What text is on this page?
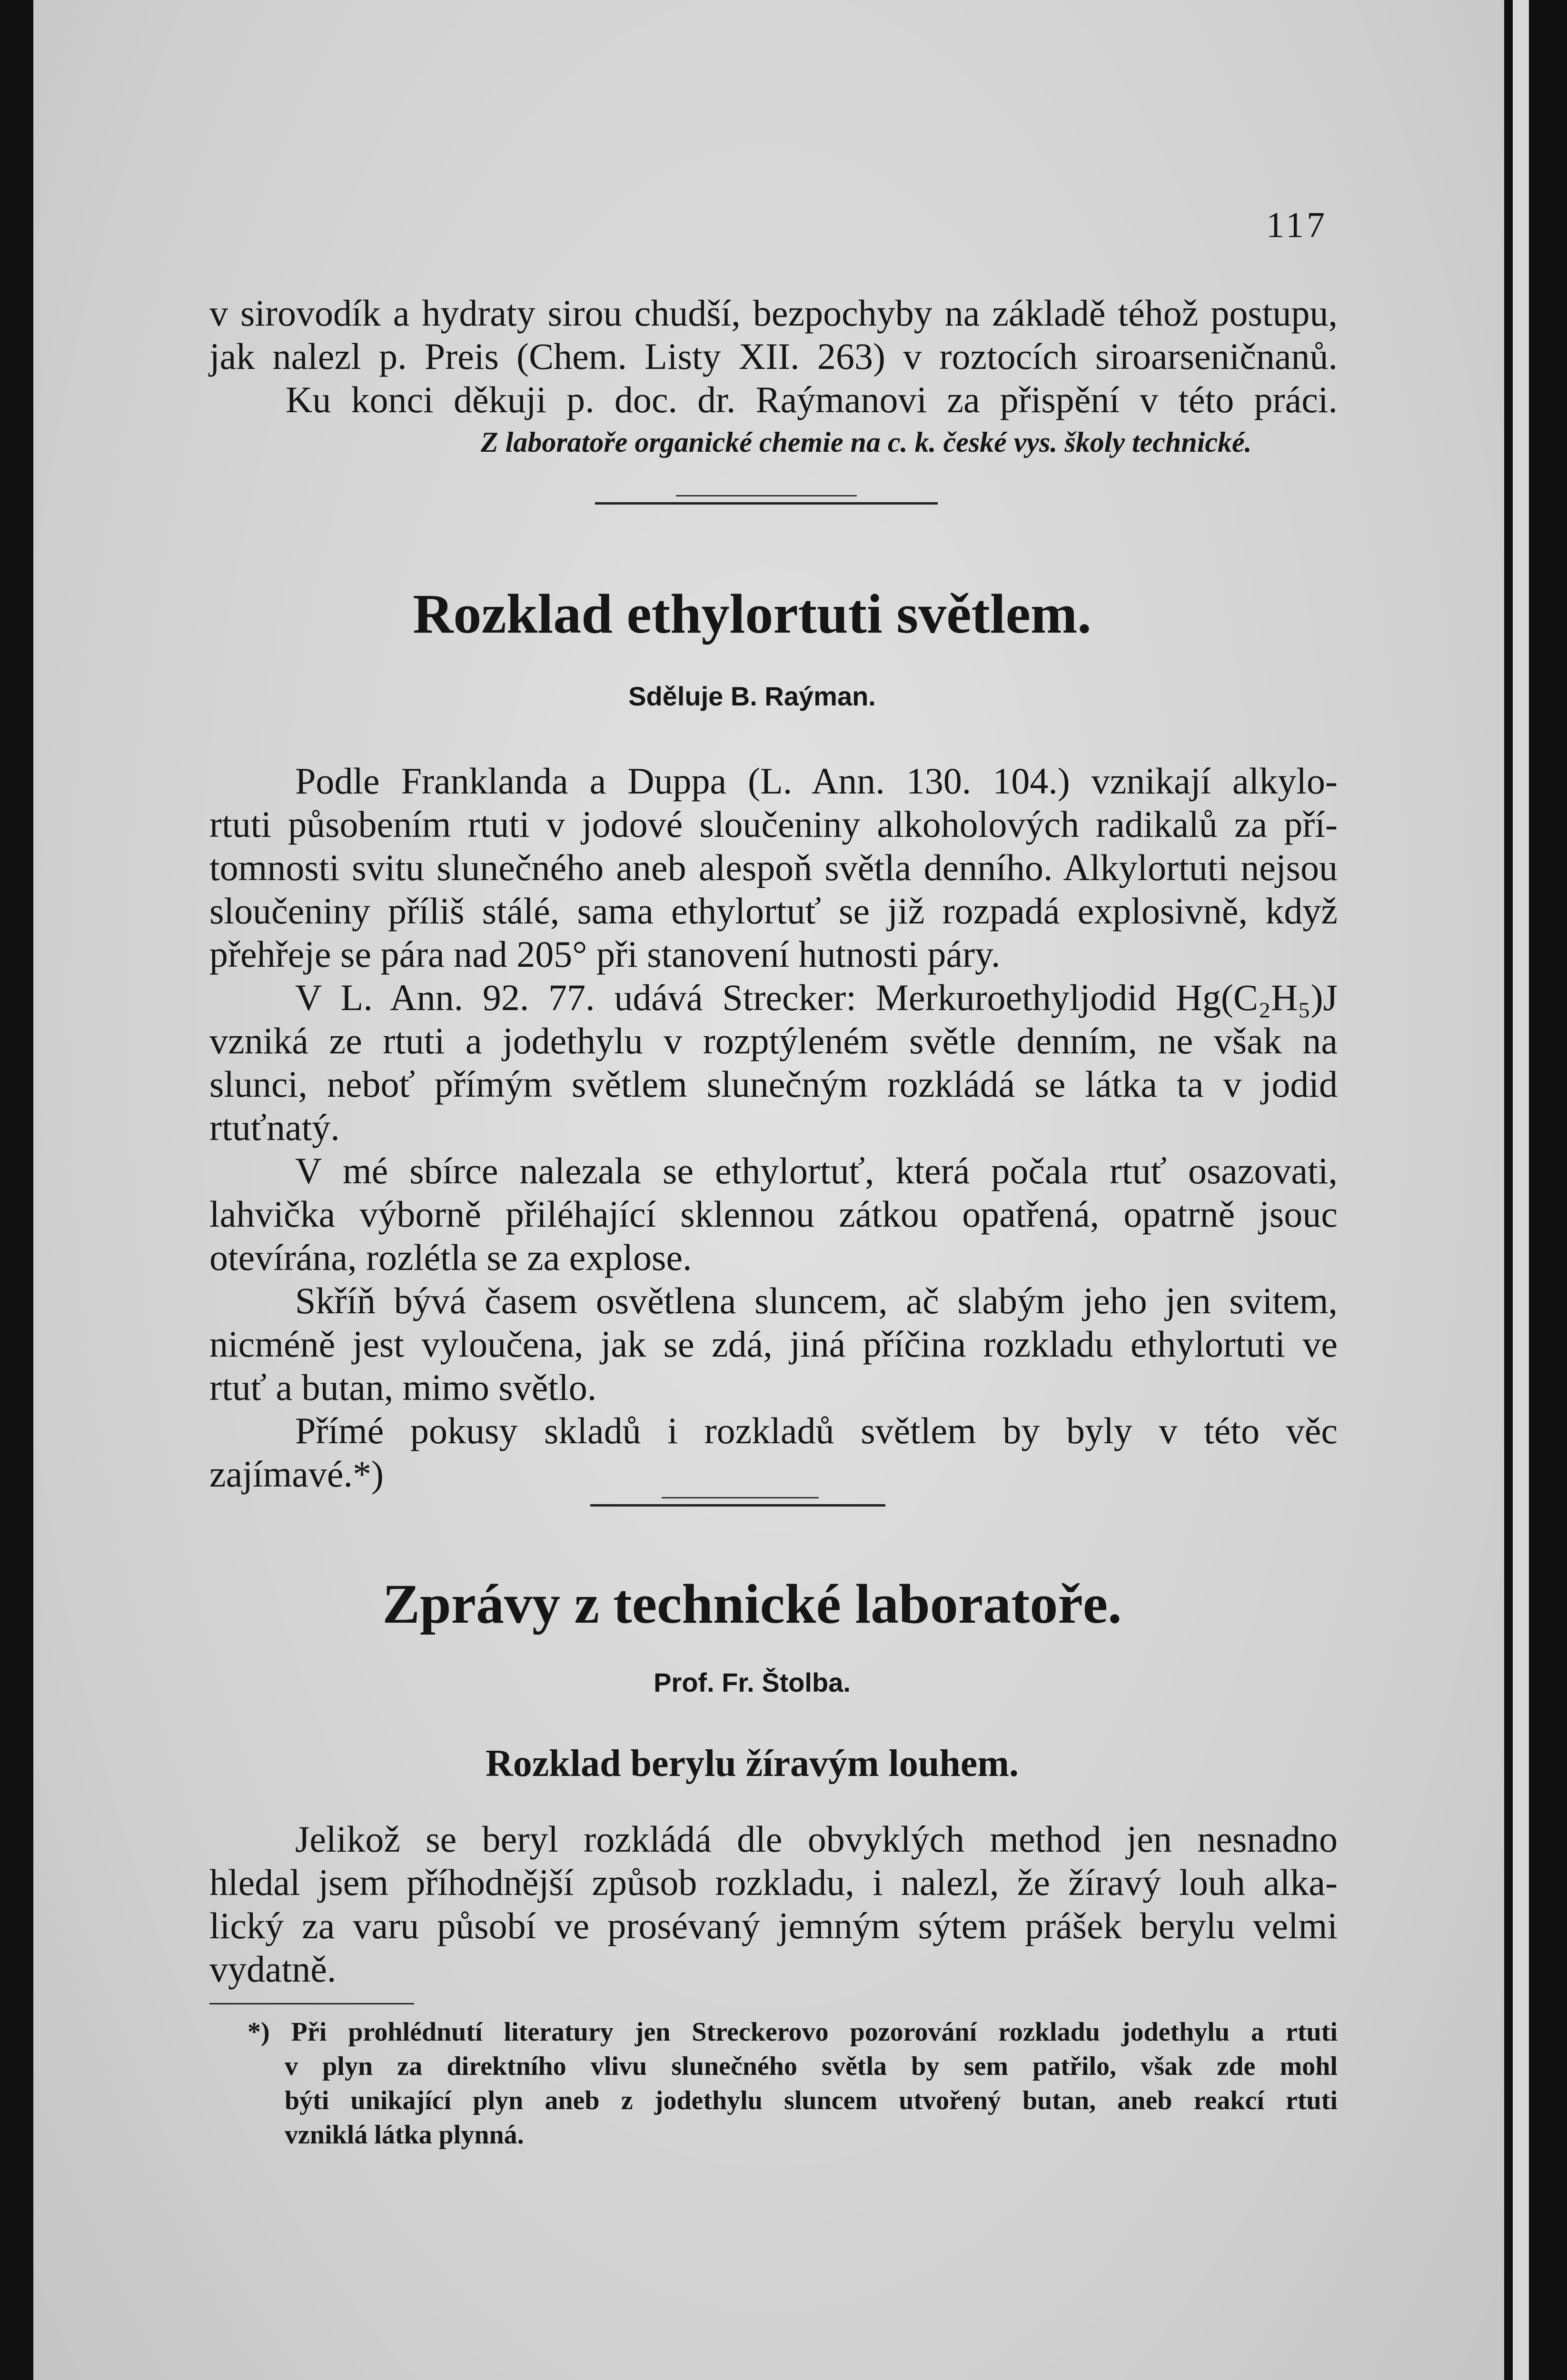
117
v sirovodík a hydraty sirou chudší, bezpochyby na základě téhož postupu,
jak nalezl p. Preis (Chem. Listy XII. 263) v roztocích siroarseničnanů.
Ku konci děkuji p. doc. dr. Raýmanovi za přispění v této práci.
Z laboratoře organické chemie na c. k. české vys. školy technické.
Rozklad ethylortuti světlem.
Sděluje B. Raýman.
Podle Franklanda a Duppa (L. Ann. 130. 104.) vznikají alkylo-
rtuti působením rtuti v jodové sloučeniny alkoholových radikalů za pří-
tomnosti svitu slunečného aneb alespoň světla denního. Alkylortuti nejsou
sloučeniny příliš stálé, sama ethylortuť se již rozpadá explosivně, když
přehřeje se pára nad 205° při stanovení hutnosti páry.
V L. Ann. 92. 77. udává Strecker: Merkuroethyljodid Hg(C₂H₅)J
vzniká ze rtuti a jodethylu v rozptýleném světle denním, ne však na
slunci, neboť přímým světlem slunečným rozkládá se látka ta v jodid
rtuťnatý.
V mé sbírce nalezala se ethylortuť, která počala rtuť osazovati,
lahvička výborně přiléhající sklennou zátkou opatřená, opatrně jsouc
otevírána, rozlétla se za explose.
Skříň bývá časem osvětlena sluncem, ač slabým jeho jen svitem,
nicméně jest vyloučena, jak se zdá, jiná příčina rozkladu ethylortuti ve
rtuť a butan, mimo světlo.
Přímé pokusy skladů i rozkladů světlem by byly v této věc
zajímavé.*)
Zprávy z technické laboratoře.
Prof. Fr. Štolba.
Rozklad berylu žíravým louhem.
Jelikož se beryl rozkládá dle obvyklých method jen nesnadno
hledal jsem příhodnější způsob rozkladu, i nalezl, že žíravý louh alka-
lický za varu působí ve prosévaný jemným sýtem prášek berylu velmi
vydatně.
*) Při prohlédnutí literatury jen Streckerovo pozorování rozkladu jodethylu a rtuti
v plyn za direktního vlivu slunečného světla by sem patřilo, však zde mohl
býti unikající plyn aneb z jodethylu sluncem utvořený butan, aneb reakcí rtuti
vzniklá látka plynná.
